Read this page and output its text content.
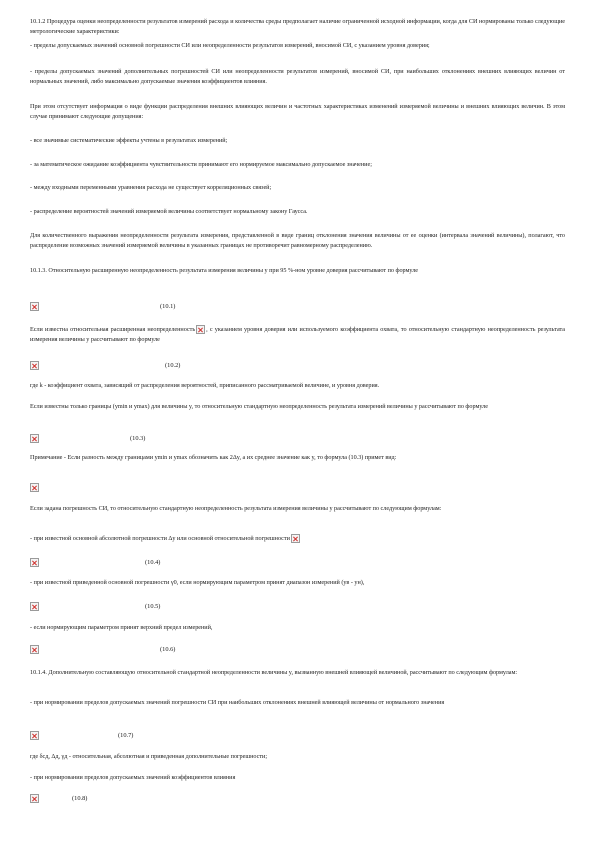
10.1.2 Процедура оценки неопределенности результатов измерений расхода и количества среды предполагает наличие ограниченной исходной информации, когда для СИ нормированы только следующие метрологические характеристики:

- пределы допускаемых значений основной погрешности СИ или неопределенности результатов измерений, вносимой СИ, с указанием уровня доверия;

- пределы допускаемых значений дополнительных погрешностей СИ или неопределенности результатов измерений, вносимой СИ, при наибольших отклонениях внешних влияющих величин от нормальных значений, либо максимально допускаемые значения коэффициентов влияния.

При этом отсутствует информация о виде функции распределения внешних влияющих величин и частотных характеристиках изменений измеряемой величины и внешних влияющих величин. В этом случае принимают следующие допущения:

- все значимые систематические эффекты учтены в результатах измерений;

- за математическое ожидание коэффициента чувствительности принимают его нормируемое максимально допускаемое значение;

- между входными переменными уравнения расхода не существует корреляционных связей;

- распределение вероятностей значений измеряемой величины соответствует нормальному закону Гаусса.

Для количественного выражения неопределенности результата измерения, представленной в виде границ отклонения значения величины от ее оценки (интервала значений величины), полагают, что распределение возможных значений измеряемой величины в указанных границах не противоречит равномерному распределению.

10.1.3. Относительную расширенную неопределенность результата измерения величины y при 95 %-ном уровне доверия рассчитывают по формуле

(10.1)

Если известна относительная расширенная неопределенность , с указанием уровня доверия или используемого коэффициента охвата, то относительную стандартную неопределенность результата измерения величины y рассчитывают по формуле

(10.2)

где k - коэффициент охвата, зависящий от распределения вероятностей, приписанного рассматриваемой величине, и уровня доверия.

Если известны только границы (ymin и ymax) для величины y, то относительную стандартную неопределенность результата измерений величины y рассчитывают по формуле

(10.3)

Примечание - Если разность между границами ymin и ymax обозначить как 2Δy, а их среднее значение как y, то формула (10.3) примет вид:

Если задана погрешность СИ, то относительную стандартную неопределенность результата измерения величины y рассчитывают по следующим формулам:

- при известной основной абсолютной погрешности Δy или основной относительной погрешности

(10.4)

- при известной приведенной основной погрешности γ0, если нормирующим параметром принят диапазон измерений (yв - yн),

(10.5)

- если нормирующим параметром принят верхний предел измерений,

(10.6)

10.1.4. Дополнительную составляющую относительной стандартной неопределенности величины y, вызванную внешней влияющей величиной, рассчитывают по следующим формулам:

- при нормировании пределов допускаемых значений погрешности СИ при наибольших отклонениях внешней влияющей величины от нормального значения

(10.7)

где δсд, Δд, γд - относительная, абсолютная и приведенная дополнительные погрешности;

- при нормировании пределов допускаемых значений коэффициентов влияния

(10.8)
